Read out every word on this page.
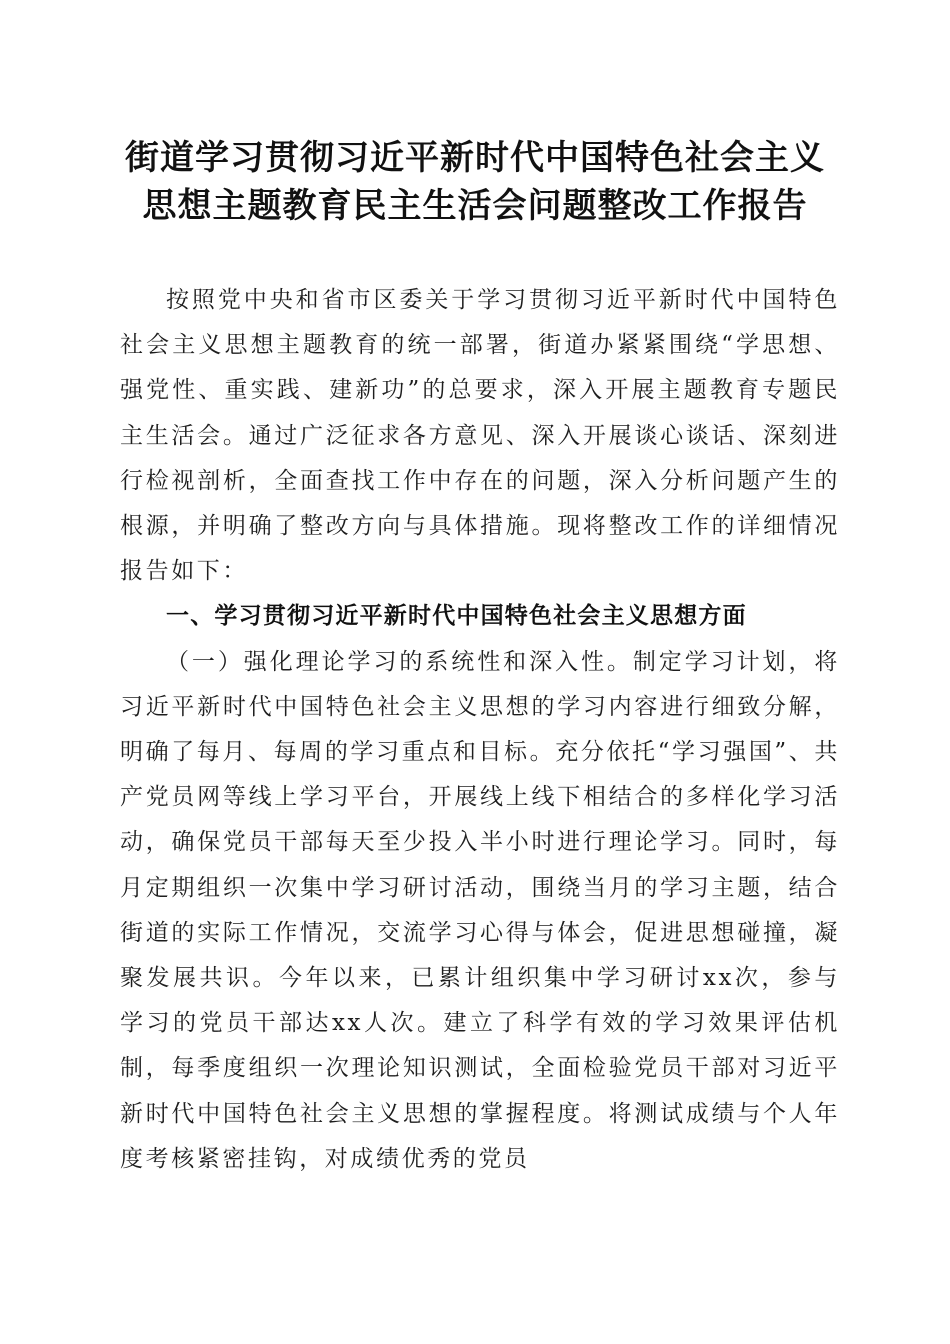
街道学习贯彻习近平新时代中国特色社会主义
思想主题教育民主生活会问题整改工作报告

按照党中央和省市区委关于学习贯彻习近平新时代中国特色社会主义思想主题教育的统一部署，街道办紧紧围绕“学思想、强党性、重实践、建新功”的总要求，深入开展主题教育专题民主生活会。通过广泛征求各方意见、深入开展谈心谈话、深刻进行检视剖析，全面查找工作中存在的问题，深入分析问题产生的根源，并明确了整改方向与具体措施。现将整改工作的详细情况报告如下：

一、学习贯彻习近平新时代中国特色社会主义思想方面

（一）强化理论学习的系统性和深入性。制定学习计划，将习近平新时代中国特色社会主义思想的学习内容进行细致分解，明确了每月、每周的学习重点和目标。充分依托“学习强国”、共产党员网等线上学习平台，开展线上线下相结合的多样化学习活动，确保党员干部每天至少投入半小时进行理论学习。同时，每月定期组织一次集中学习研讨活动，围绕当月的学习主题，结合街道的实际工作情况，交流学习心得与体会，促进思想碰撞，凝聚发展共识。今年以来，已累计组织集中学习研讨xx次，参与学习的党员干部达xx人次。建立了科学有效的学习效果评估机制，每季度组织一次理论知识测试，全面检验党员干部对习近平新时代中国特色社会主义思想的掌握程度。将测试成绩与个人年度考核紧密挂钩，对成绩优秀的党员
